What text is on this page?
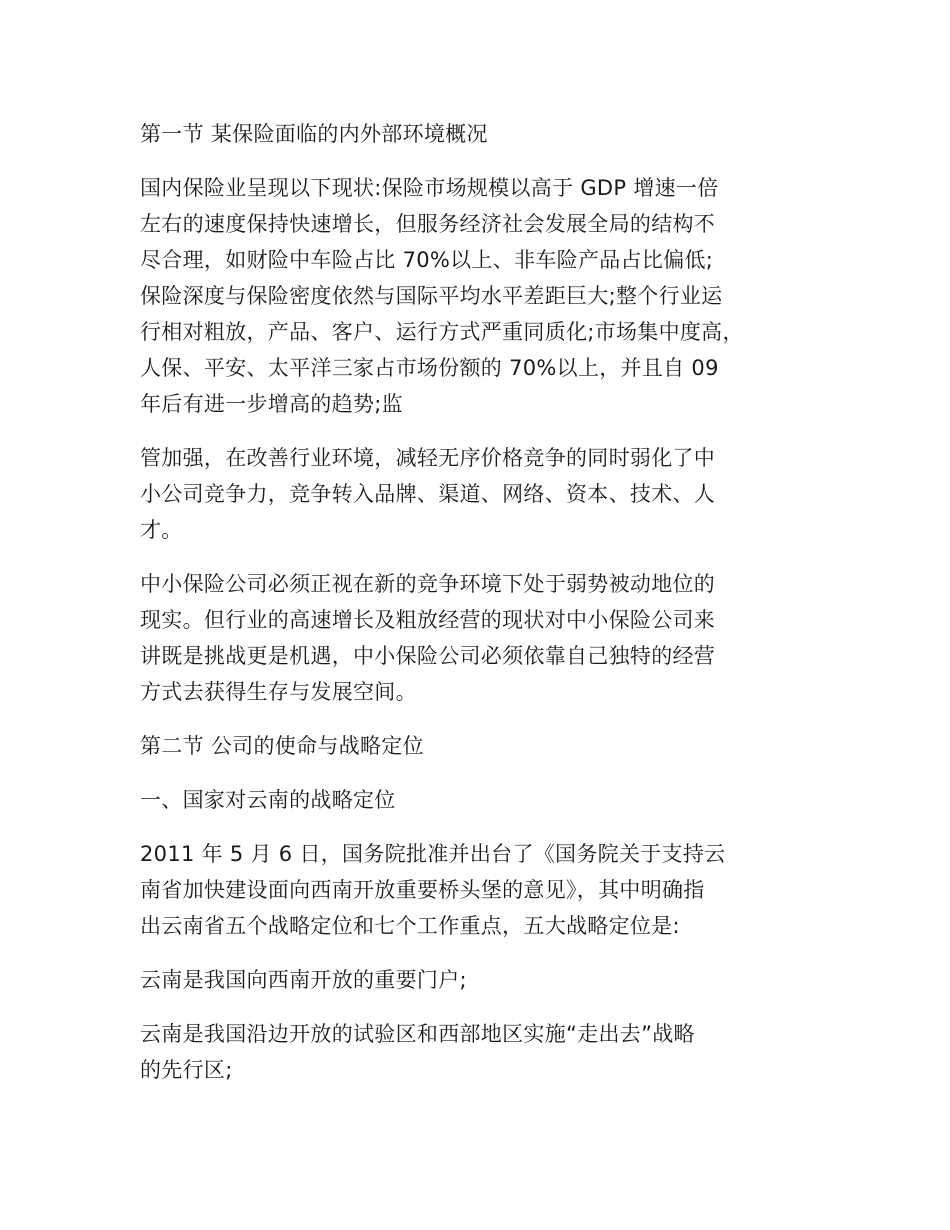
第一节 某保险面临的内外部环境概况

国内保险业呈现以下现状:保险市场规模以高于 GDP 增速一倍
左右的速度保持快速增长，但服务经济社会发展全局的结构不
尽合理，如财险中车险占比 70%以上、非车险产品占比偏低;
保险深度与保险密度依然与国际平均水平差距巨大;整个行业运
行相对粗放，产品、客户、运行方式严重同质化;市场集中度高，
人保、平安、太平洋三家占市场份额的 70%以上，并且自 09
年后有进一步增高的趋势;监

管加强，在改善行业环境，减轻无序价格竞争的同时弱化了中
小公司竞争力，竞争转入品牌、渠道、网络、资本、技术、人
才。

中小保险公司必须正视在新的竞争环境下处于弱势被动地位的
现实。但行业的高速增长及粗放经营的现状对中小保险公司来
讲既是挑战更是机遇，中小保险公司必须依靠自己独特的经营
方式去获得生存与发展空间。

第二节 公司的使命与战略定位

一、国家对云南的战略定位

2011 年 5 月 6 日，国务院批准并出台了《国务院关于支持云
南省加快建设面向西南开放重要桥头堡的意见》，其中明确指
出云南省五个战略定位和七个工作重点，五大战略定位是:

云南是我国向西南开放的重要门户;

云南是我国沿边开放的试验区和西部地区实施“走出去”战略
的先行区;
